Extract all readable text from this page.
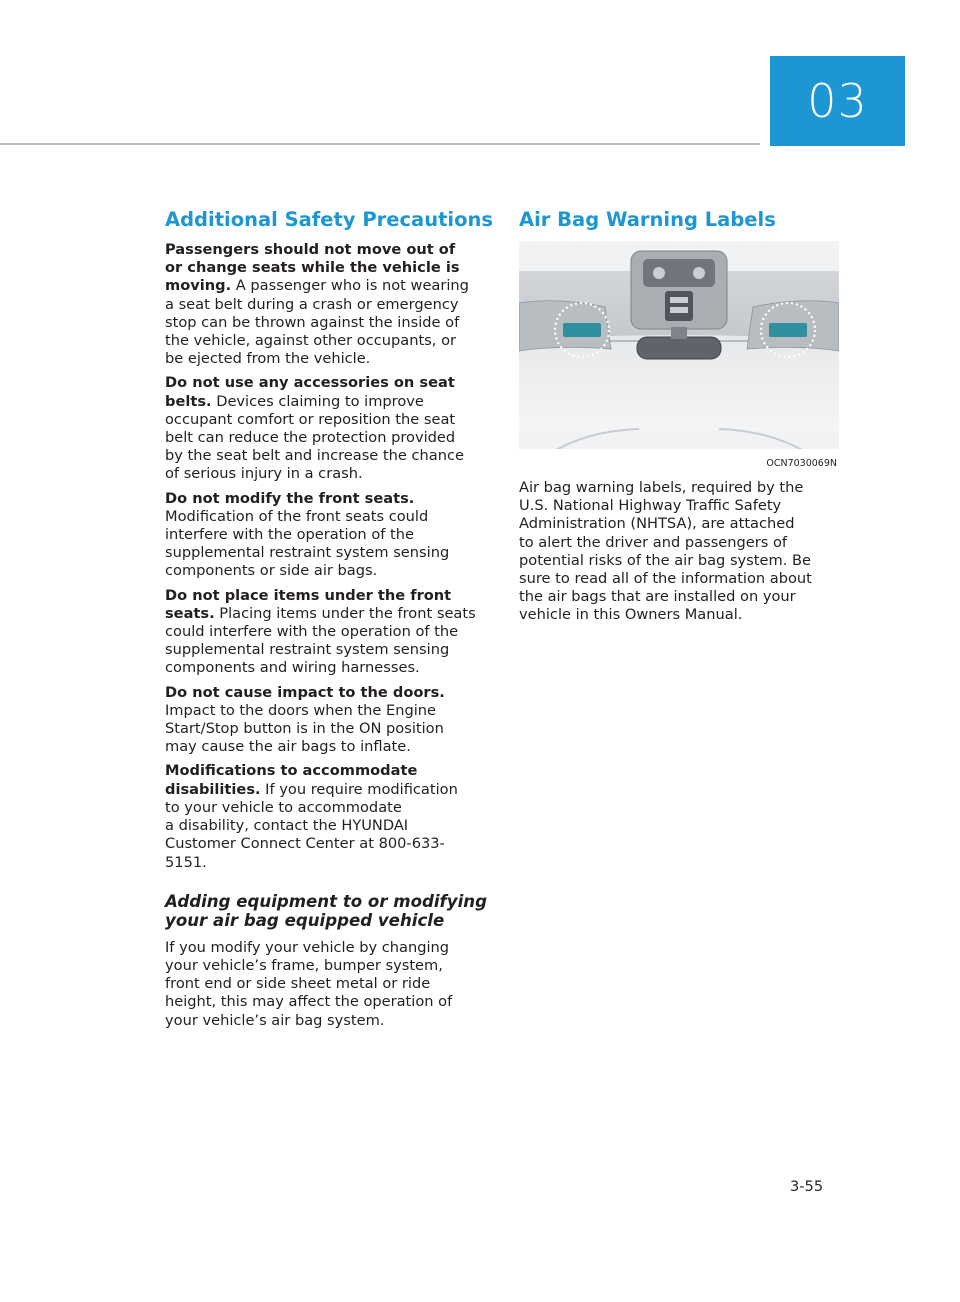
03
Additional Safety Precautions

Passengers should not move out of
or change seats while the vehicle is
moving. A passenger who is not wearing
a seat belt during a crash or emergency
stop can be thrown against the inside of
the vehicle, against other occupants, or
be ejected from the vehicle.

Do not use any accessories on seat
belts. Devices claiming to improve
occupant comfort or reposition the seat
belt can reduce the protection provided
by the seat belt and increase the chance
of serious injury in a crash.

Do not modify the front seats.
Modification of the front seats could
interfere with the operation of the
supplemental restraint system sensing
components or side air bags.

Do not place items under the front
seats. Placing items under the front seats
could interfere with the operation of the
supplemental restraint system sensing
components and wiring harnesses.

Do not cause impact to the doors.
Impact to the doors when the Engine
Start/Stop button is in the ON position
may cause the air bags to inflate.

Modifications to accommodate
disabilities. If you require modification
to your vehicle to accommodate
a disability, contact the HYUNDAI
Customer Connect Center at 800-633-
5151.

Adding equipment to or modifying
your air bag equipped vehicle

If you modify your vehicle by changing
your vehicle’s frame, bumper system,
front end or side sheet metal or ride
height, this may affect the operation of
your vehicle’s air bag system.

Air Bag Warning Labels
OCN7030069N

Air bag warning labels, required by the
U.S. National Highway Traffic Safety
Administration (NHTSA), are attached
to alert the driver and passengers of
potential risks of the air bag system. Be
sure to read all of the information about
the air bags that are installed on your
vehicle in this Owners Manual.

3-55
